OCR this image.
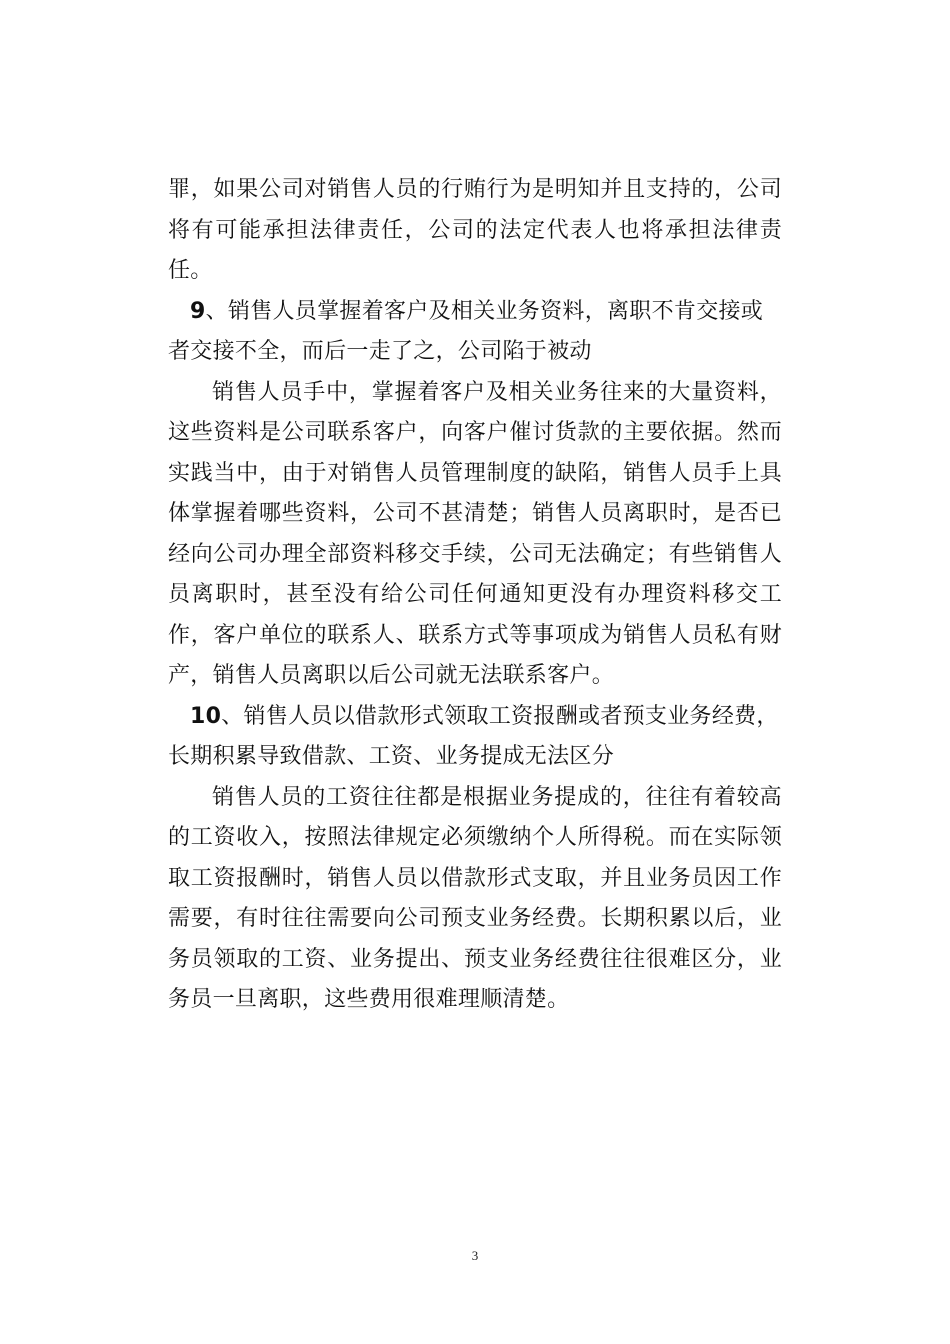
罪，如果公司对销售人员的行贿行为是明知并且支持的，公司将有可能承担法律责任，公司的法定代表人也将承担法律责任。

9、销售人员掌握着客户及相关业务资料，离职不肯交接或者交接不全，而后一走了之，公司陷于被动

销售人员手中，掌握着客户及相关业务往来的大量资料，这些资料是公司联系客户，向客户催讨货款的主要依据。然而实践当中，由于对销售人员管理制度的缺陷，销售人员手上具体掌握着哪些资料，公司不甚清楚；销售人员离职时，是否已经向公司办理全部资料移交手续，公司无法确定；有些销售人员离职时，甚至没有给公司任何通知更没有办理资料移交工作，客户单位的联系人、联系方式等事项成为销售人员私有财产，销售人员离职以后公司就无法联系客户。

10、销售人员以借款形式领取工资报酬或者预支业务经费，长期积累导致借款、工资、业务提成无法区分

销售人员的工资往往都是根据业务提成的，往往有着较高的工资收入，按照法律规定必须缴纳个人所得税。而在实际领取工资报酬时，销售人员以借款形式支取，并且业务员因工作需要，有时往往需要向公司预支业务经费。长期积累以后，业务员领取的工资、业务提出、预支业务经费往往很难区分，业务员一旦离职，这些费用很难理顺清楚。

3
